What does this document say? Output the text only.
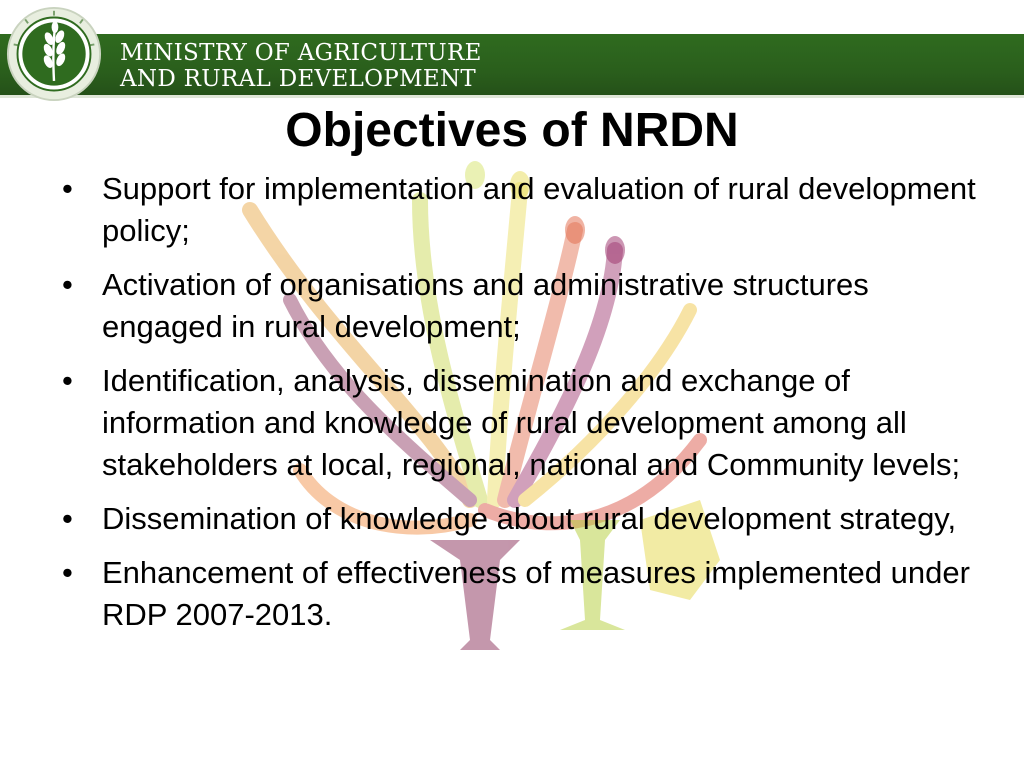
MINISTRY OF AGRICULTURE
AND RURAL DEVELOPMENT
Objectives of NRDN
• Support for implementation and evaluation of rural development policy;
• Activation of organisations and administrative structures engaged in rural development;
• Identification, analysis, dissemination and exchange of information and knowledge of rural development among all stakeholders at local, regional, national and Community levels;
• Dissemination of knowledge about rural development strategy,
• Enhancement of effectiveness of measures implemented under RDP 2007-2013.
